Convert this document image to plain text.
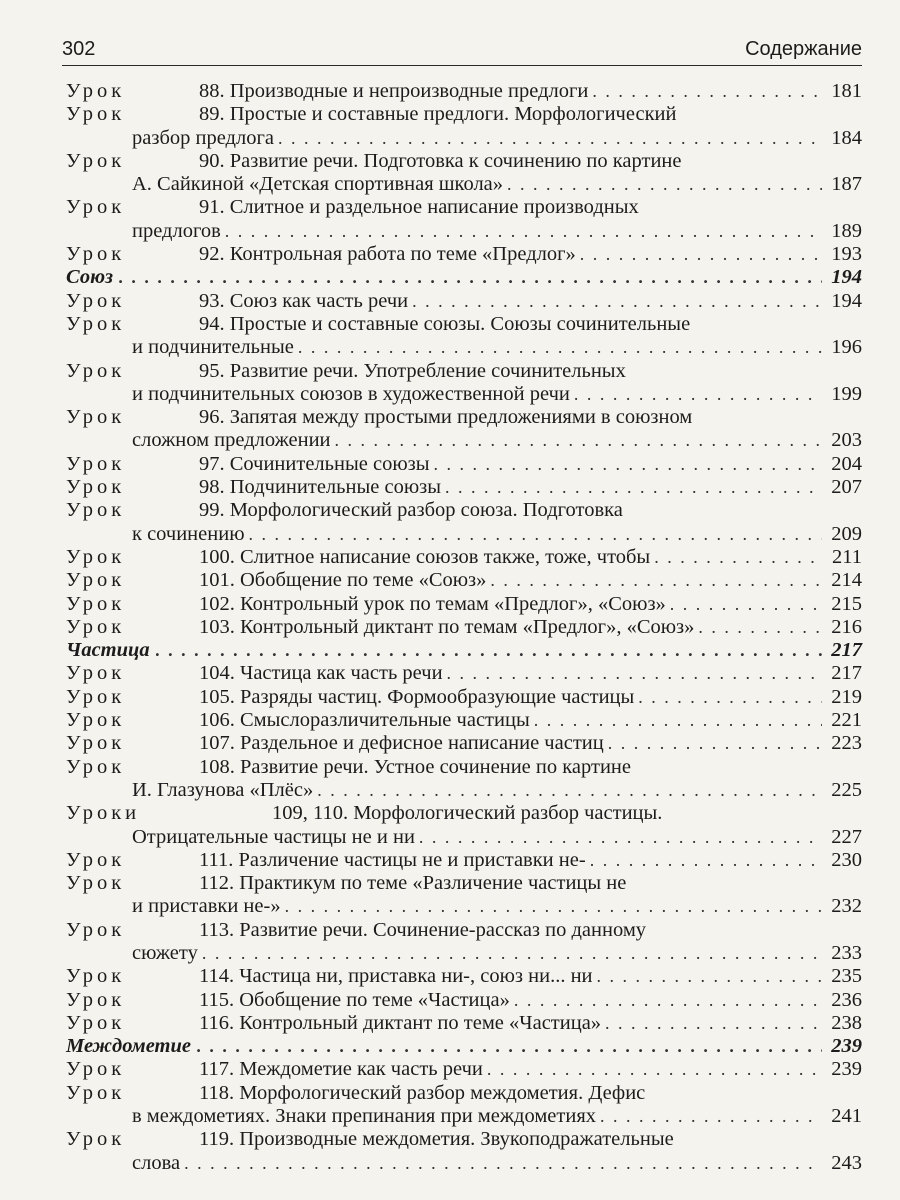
302	Содержание
Урок	88. Производные и непроизводные предлоги . . .	181
Урок	89. Простые и составные предлоги. Морфологический
разбор предлога . . .	184
Урок	90. Развитие речи. Подготовка к сочинению по картине
А. Сайкиной «Детская спортивная школа» . . .	187
Урок	91. Слитное и раздельное написание производных
предлогов . . .	189
Урок	92. Контрольная работа по теме «Предлог» . . .	193
Союз . . .	194
Урок	93. Союз как часть речи . . .	194
Урок	94. Простые и составные союзы. Союзы сочинительные
и подчинительные . . .	196
Урок	95. Развитие речи. Употребление сочинительных
и подчинительных союзов в художественной речи . . .	199
Урок	96. Запятая между простыми предложениями в союзном
сложном предложении . . .	203
Урок	97. Сочинительные союзы . . .	204
Урок	98. Подчинительные союзы . . .	207
Урок	99. Морфологический разбор союза. Подготовка
к сочинению . . .	209
Урок	100. Слитное написание союзов также, тоже, чтобы . . .	211
Урок	101. Обобщение по теме «Союз» . . .	214
Урок	102. Контрольный урок по темам «Предлог», «Союз» . . .	215
Урок	103. Контрольный диктант по темам «Предлог», «Союз» . . .	216
Частица . . .	217
Урок	104. Частица как часть речи . . .	217
Урок	105. Разряды частиц. Формообразующие частицы . . .	219
Урок	106. Смыслоразличительные частицы . . .	221
Урок	107. Раздельное и дефисное написание частиц . . .	223
Урок	108. Развитие речи. Устное сочинение по картине
И. Глазунова «Плёс» . . .	225
Уроки	109, 110. Морфологический разбор частицы.
Отрицательные частицы не и ни . . .	227
Урок	111. Различение частицы не и приставки не- . . .	230
Урок	112. Практикум по теме «Различение частицы не
и приставки не-» . . .	232
Урок	113. Развитие речи. Сочинение-рассказ по данному
сюжету . . .	233
Урок	114. Частица ни, приставка ни-, союз ни... ни . . .	235
Урок	115. Обобщение по теме «Частица» . . .	236
Урок	116. Контрольный диктант по теме «Частица» . . .	238
Междометие . . .	239
Урок	117. Междометие как часть речи . . .	239
Урок	118. Морфологический разбор междометия. Дефис
в междометиях. Знаки препинания при междометиях . . .	241
Урок	119. Производные междометия. Звукоподражательные
слова . . .	243
